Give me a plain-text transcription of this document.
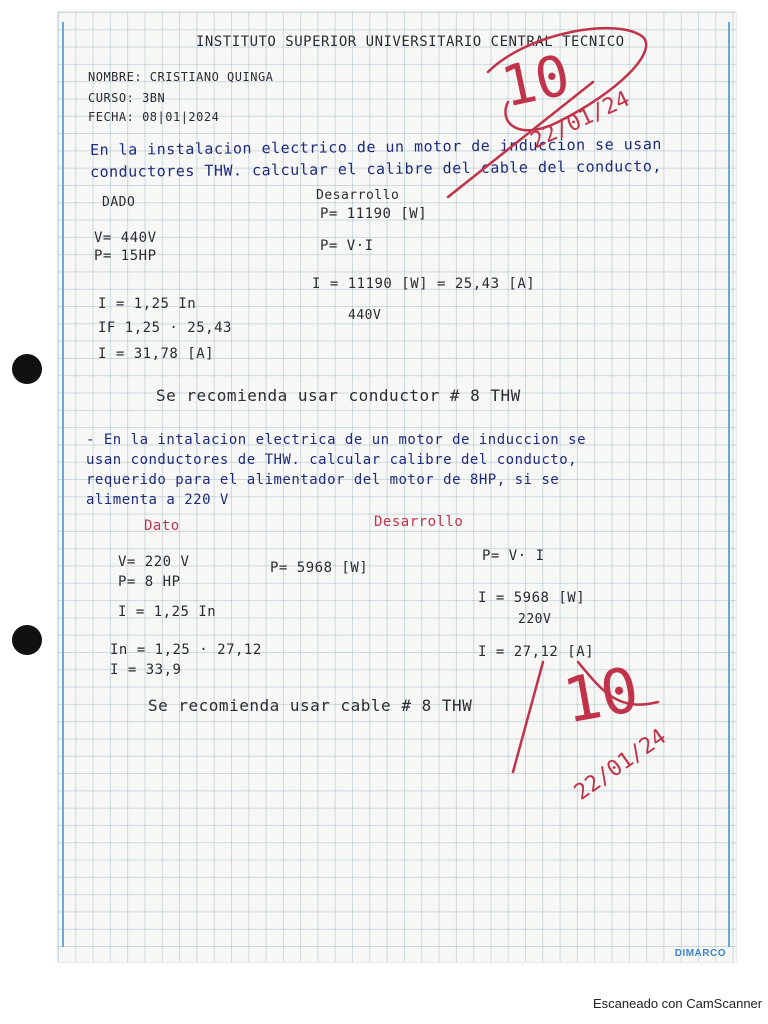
INSTITUTO SUPERIOR UNIVERSITARIO CENTRAL TECNICO
NOMBRE: CRISTIANO QUINGA
CURSO: 3BN
FECHA: 08|01|2024
En la instalacion electrico de un motor de induccion se usan
conductores THW. calcular el calibre del cable del conducto,
DADO
V= 440V
P= 15HP
I = 1,25 In
IF 1,25 · 25,43
I = 31,78 [A]
Desarrollo
P= 11190 [W]
P= V·I
I = 11190 [W] = 25,43 [A]
440V
Se recomienda usar conductor # 8 THW
- En la intalacion electrica de un motor de induccion se
usan conductores de THW. calcular calibre del conducto,
requerido para el alimentador del motor de 8HP, si se
alimenta a 220 V
Dato	Desarrollo
V= 220 V
P= 8 HP
I = 1,25 In
In = 1,25 · 27,12
I = 33,9
P= 5968 [W]
P= V· I
I = 5968 [W]
220V
I = 27,12 [A]
Se recomienda usar cable # 8 THW
10
22/01/24
10
22/01/24
DIMARCO
Escaneado con CamScanner
